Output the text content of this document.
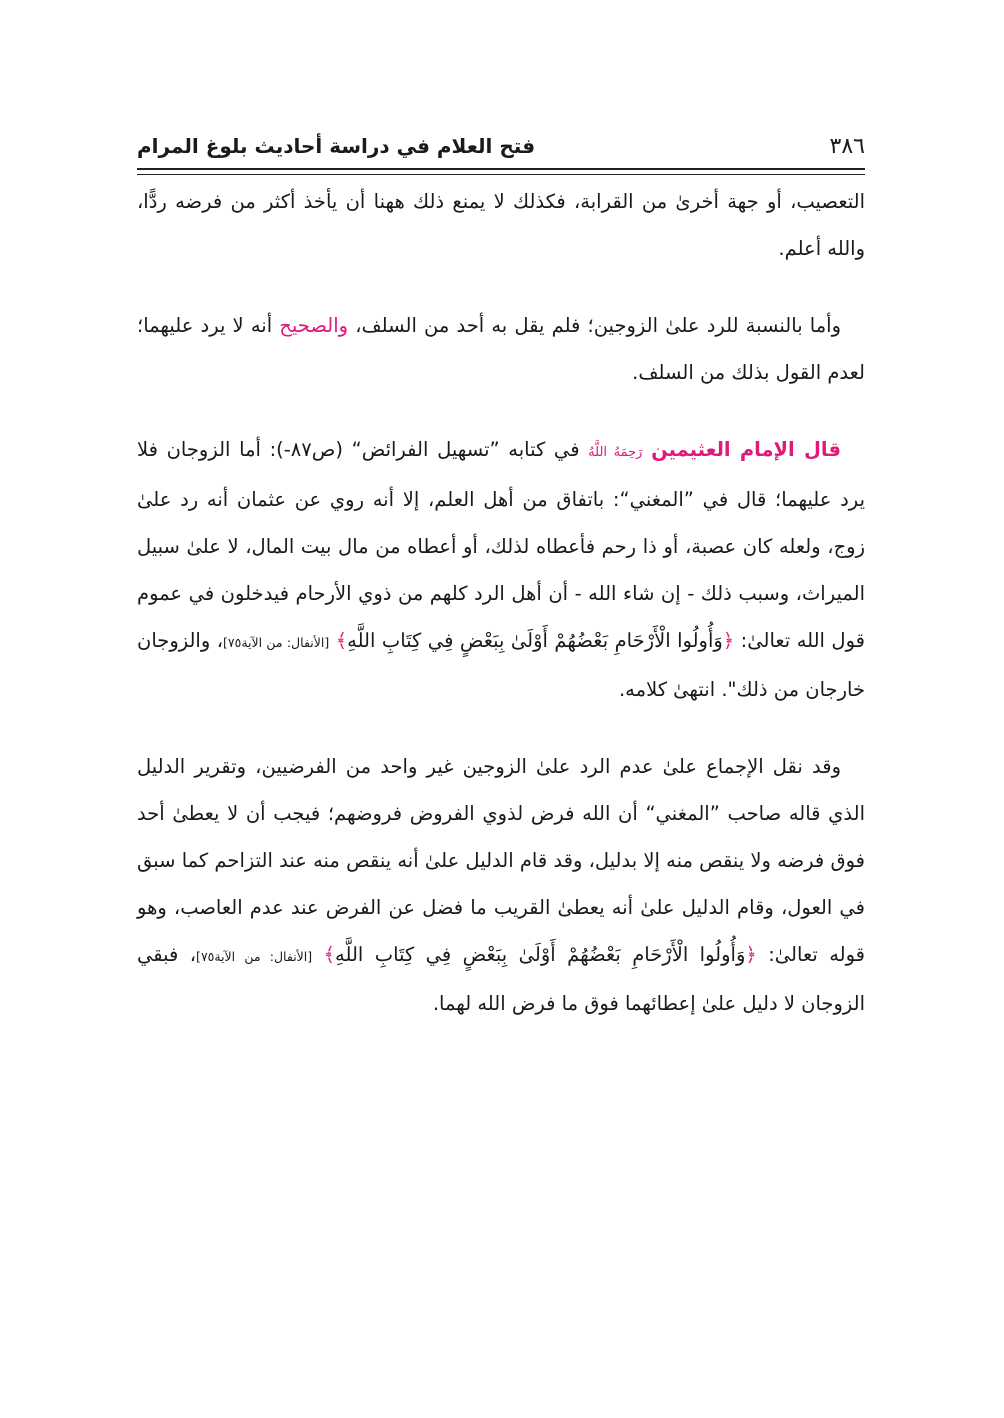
٣٨٦
فتح العلام في دراسة أحاديث بلوغ المرام

التعصيب، أو جهة أخرىٰ من القرابة، فكذلك لا يمنع ذلك ههنا أن يأخذ أكثر من فرضه ردًّا، والله أعلم.

وأما بالنسبة للرد علىٰ الزوجين؛ فلم يقل به أحد من السلف، والصحيح أنه لا يرد عليهما؛ لعدم القول بذلك من السلف.

قال الإمام العثيمين رَحِمَهُ اللَّهُ في كتابه ”تسهيل الفرائض“ (ص٨٧-): أما الزوجان فلا يرد عليهما؛ قال في ”المغني“: باتفاق من أهل العلم، إلا أنه روي عن عثمان أنه رد علىٰ زوج، ولعله كان عصبة، أو ذا رحم فأعطاه لذلك، أو أعطاه من مال بيت المال، لا علىٰ سبيل الميراث، وسبب ذلك - إن شاء الله - أن أهل الرد كلهم من ذوي الأرحام فيدخلون في عموم قول الله تعالىٰ: ﴿وَأُولُوا الْأَرْحَامِ بَعْضُهُمْ أَوْلَىٰ بِبَعْضٍ فِي كِتَابِ اللَّهِ﴾ [الأنفال: من الآية٧٥]، والزوجان خارجان من ذلك". انتهىٰ كلامه.

وقد نقل الإجماع علىٰ عدم الرد علىٰ الزوجين غير واحد من الفرضيين، وتقرير الدليل الذي قاله صاحب ”المغني“ أن الله فرض لذوي الفروض فروضهم؛ فيجب أن لا يعطىٰ أحد فوق فرضه ولا ينقص منه إلا بدليل، وقد قام الدليل علىٰ أنه ينقص منه عند التزاحم كما سبق في العول، وقام الدليل علىٰ أنه يعطىٰ القريب ما فضل عن الفرض عند عدم العاصب، وهو قوله تعالىٰ: ﴿وَأُولُوا الْأَرْحَامِ بَعْضُهُمْ أَوْلَىٰ بِبَعْضٍ فِي كِتَابِ اللَّهِ﴾ [الأنفال: من الآية٧٥]، فبقي الزوجان لا دليل علىٰ إعطائهما فوق ما فرض الله لهما.
